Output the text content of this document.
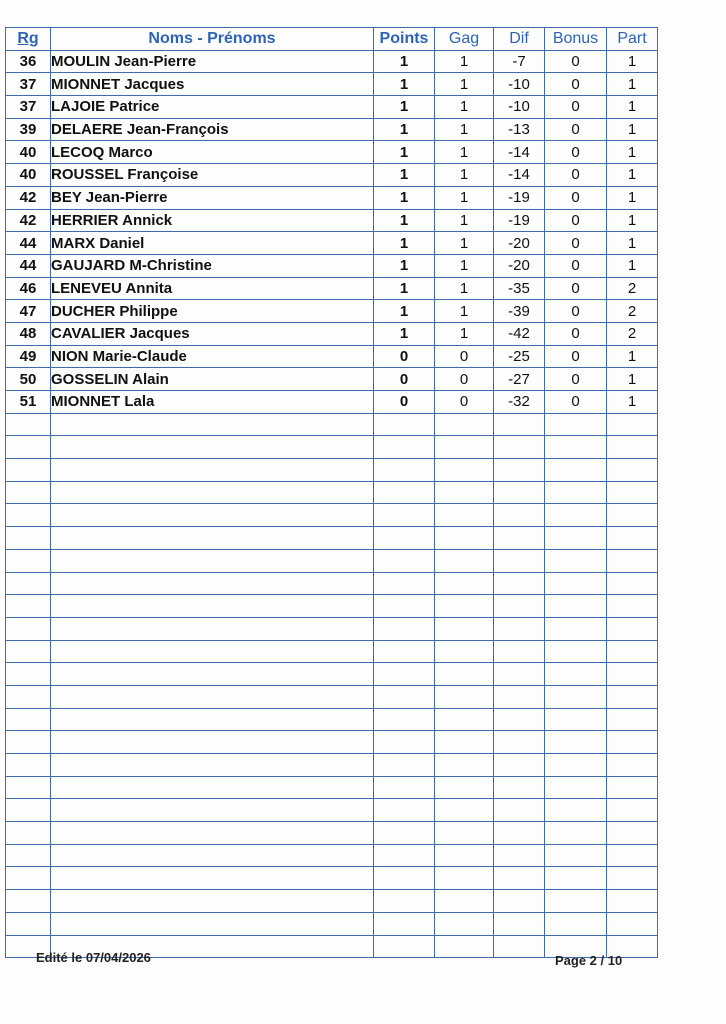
Rg	Noms - Prénoms	Points	Gag	Dif	Bonus	Part
36	MOULIN Jean-Pierre	1	1	-7	0	1
37	MIONNET Jacques	1	1	-10	0	1
37	LAJOIE Patrice	1	1	-10	0	1
39	DELAERE Jean-François	1	1	-13	0	1
40	LECOQ Marco	1	1	-14	0	1
40	ROUSSEL Françoise	1	1	-14	0	1
42	BEY Jean-Pierre	1	1	-19	0	1
42	HERRIER Annick	1	1	-19	0	1
44	MARX Daniel	1	1	-20	0	1
44	GAUJARD M-Christine	1	1	-20	0	1
46	LENEVEU Annita	1	1	-35	0	2
47	DUCHER Philippe	1	1	-39	0	2
48	CAVALIER Jacques	1	1	-42	0	2
49	NION Marie-Claude	0	0	-25	0	1
50	GOSSELIN Alain	0	0	-27	0	1
51	MIONNET Lala	0	0	-32	0	1

Edité le 07/04/2026	Page 2 / 10
